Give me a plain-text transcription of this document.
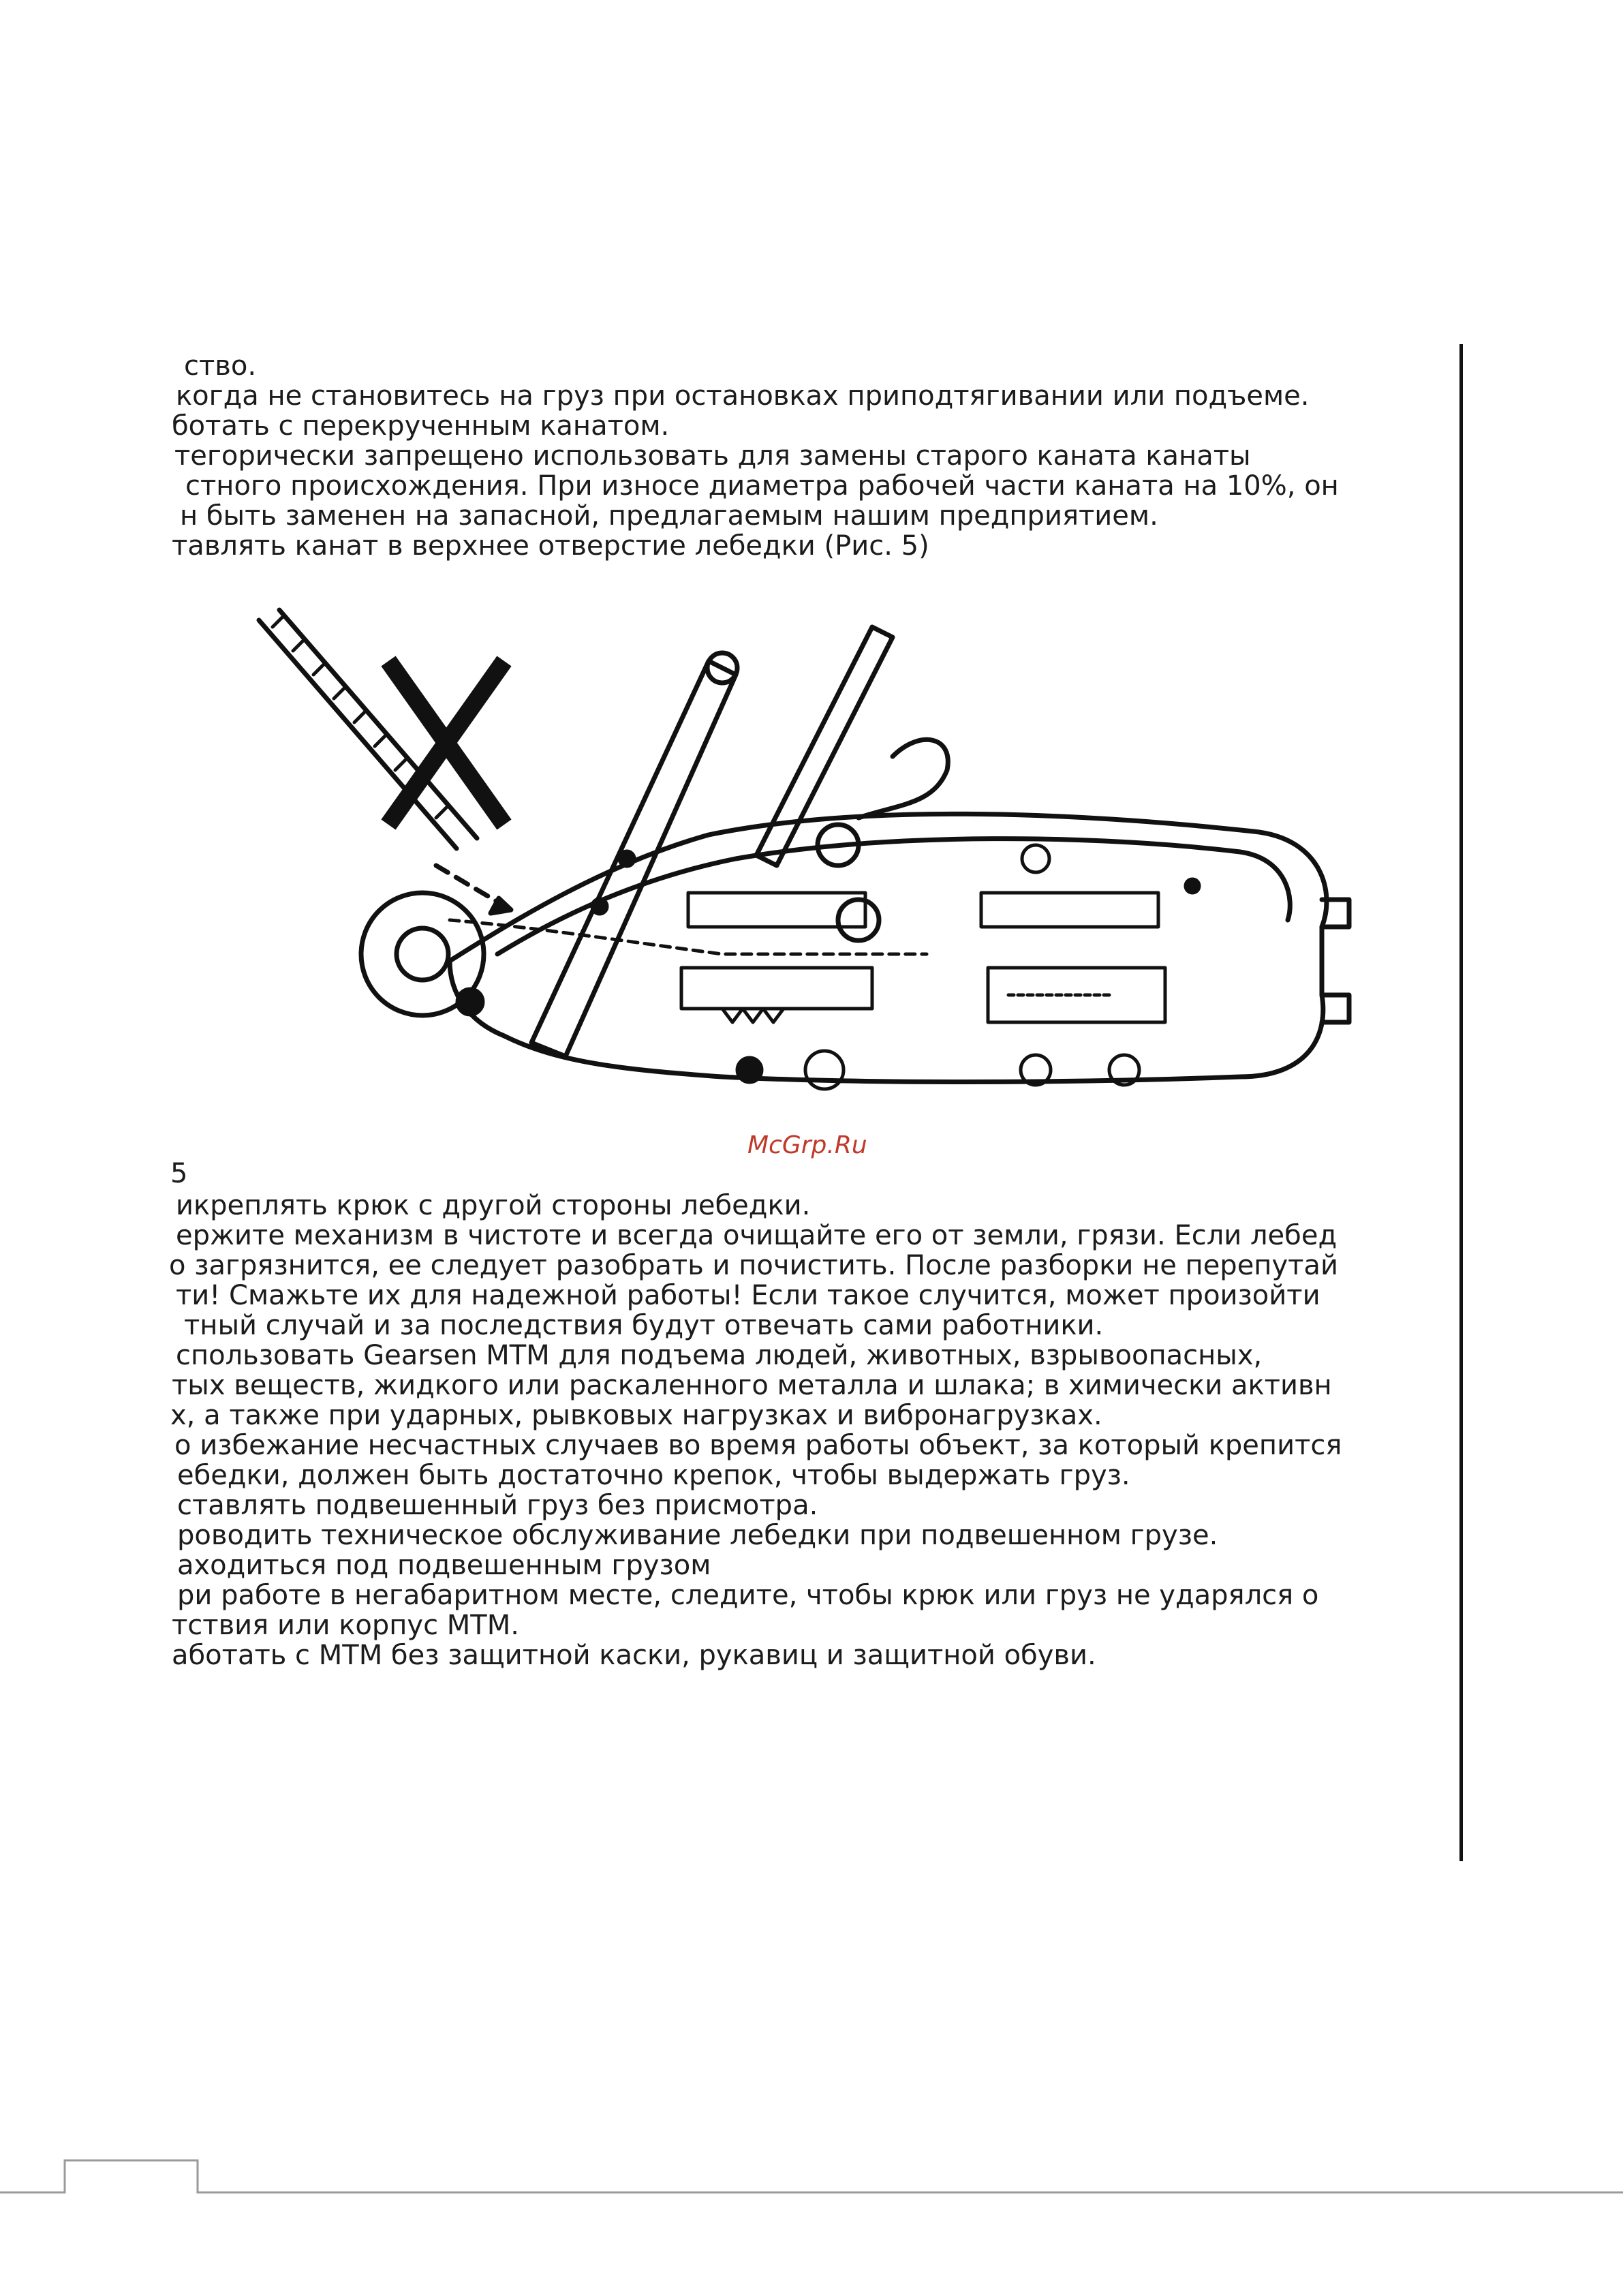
ство.
когда не становитесь на груз при остановках приподтягивании или подъеме.
ботать с перекрученным канатом.
тегорически запрещено использовать для замены старого каната канаты
стного происхождения. При износе диаметра рабочей части каната на 10%, он
н быть заменен на запасной, предлагаемым нашим предприятием.
тавлять канат в верхнее отверстие лебедки (Рис. 5)
McGrp.Ru
5
икреплять крюк с другой стороны лебедки.
ержите механизм в чистоте и всегда очищайте его от земли, грязи. Если лебед
о загрязнится, ее следует разобрать и почистить. После разборки не перепутай
ти! Смажьте их для надежной работы! Если такое случится, может произойти
тный случай и за последствия будут отвечать сами работники.
спользовать Gearsen MTM для подъема людей, животных, взрывоопасных,
тых веществ, жидкого или раскаленного металла и шлака; в химически активн
х, а также при ударных, рывковых нагрузках и вибронагрузках.
о избежание несчастных случаев во время работы объект, за который крепится
ебедки, должен быть достаточно крепок, чтобы выдержать груз.
ставлять подвешенный груз без присмотра.
роводить техническое обслуживание лебедки при подвешенном грузе.
аходиться под подвешенным грузом
ри работе в негабаритном месте, следите, чтобы крюк или груз не ударялся о
тствия или корпус MTM.
аботать с MTM без защитной каски, рукавиц и защитной обуви.
